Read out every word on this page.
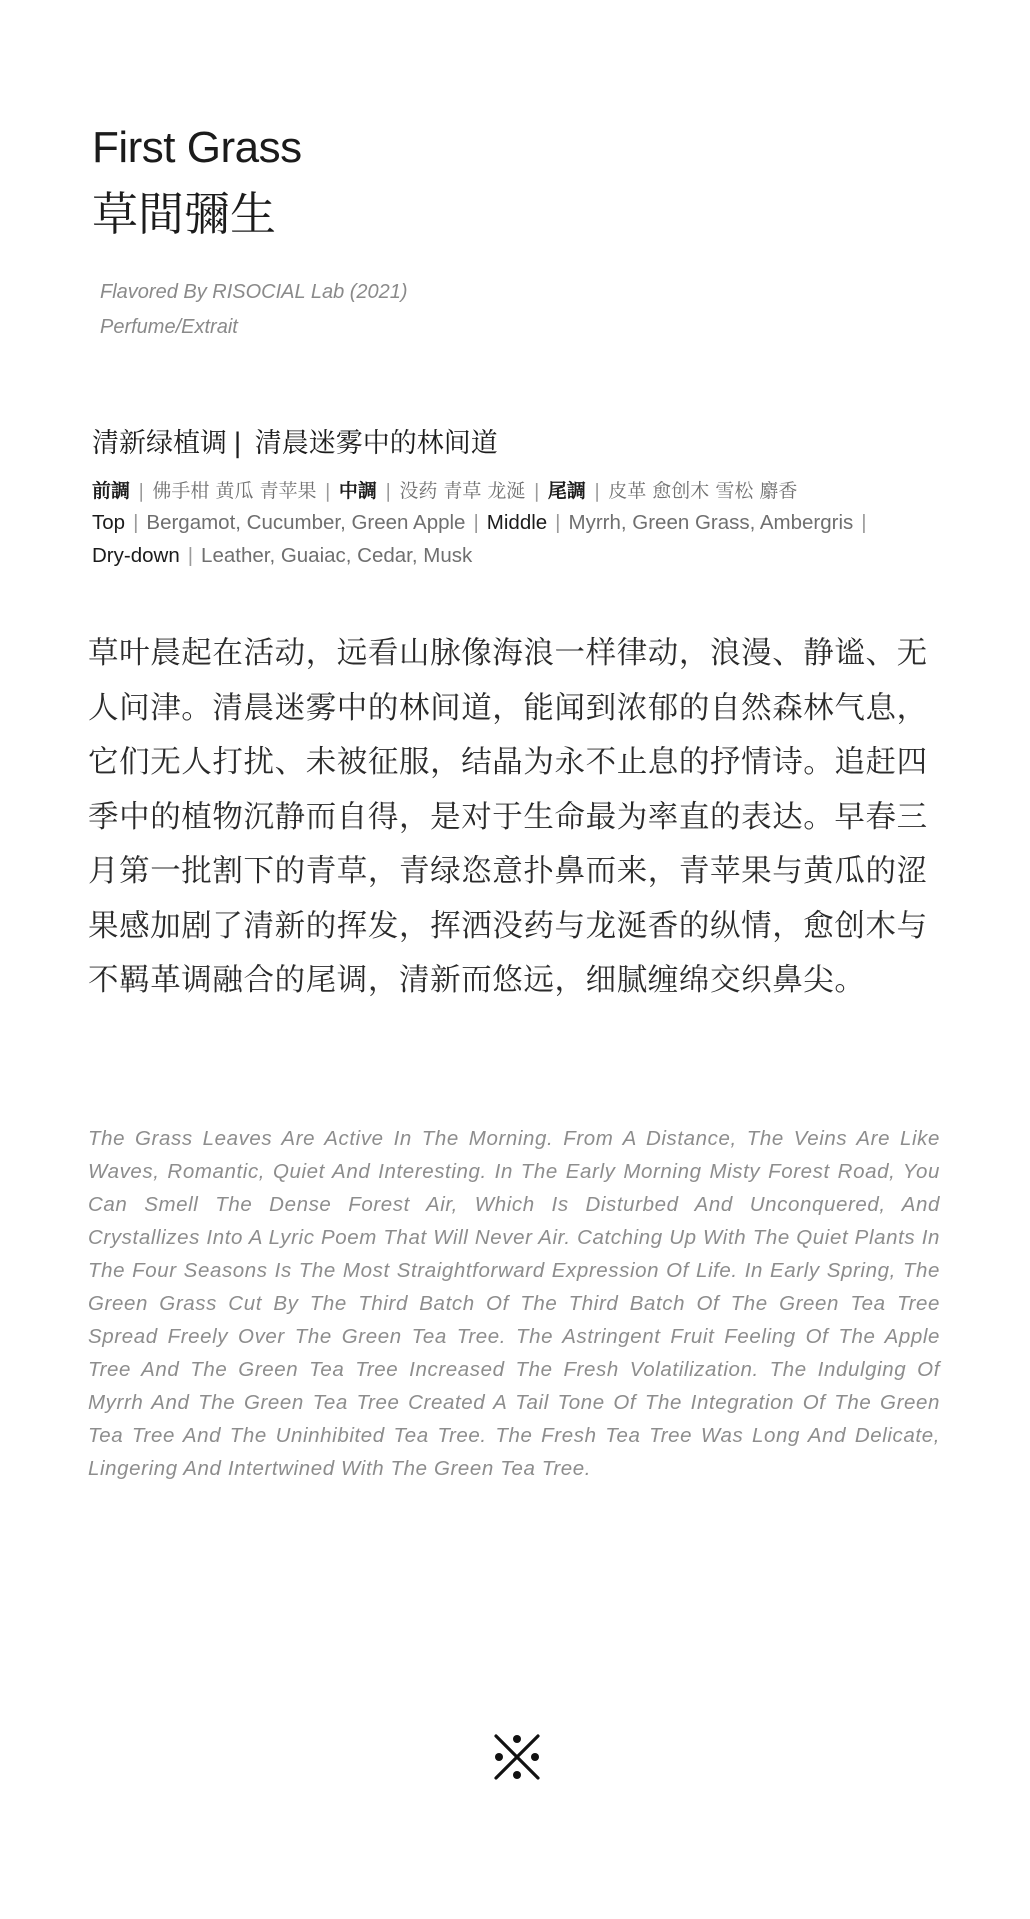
First Grass
草間彌生
Flavored By RISOCIAL Lab (2021)
Perfume/Extrait
清新绿植调 | 清晨迷雾中的林间道
前調 | 佛手柑 黄瓜 青苹果 | 中調 | 没药 青草 龙涎 | 尾調 | 皮革 愈创木 雪松 麝香
Top | Bergamot, Cucumber, Green Apple | Middle | Myrrh, Green Grass, Ambergris |
Dry-down | Leather, Guaiac, Cedar, Musk

草叶晨起在活动，远看山脉像海浪一样律动，浪漫、静谧、无人问津。清晨迷雾中的林间道，能闻到浓郁的自然森林气息，它们无人打扰、未被征服，结晶为永不止息的抒情诗。追赶四季中的植物沉静而自得，是对于生命最为率直的表达。早春三月第一批割下的青草，青绿恣意扑鼻而来，青苹果与黄瓜的涩果感加剧了清新的挥发，挥洒没药与龙涎香的纵情，愈创木与不羁革调融合的尾调，清新而悠远，细腻缠绵交织鼻尖。

The Grass Leaves Are Active In The Morning. From A Distance, The Veins Are Like Waves, Romantic, Quiet And Interesting. In The Early Morning Misty Forest Road, You Can Smell The Dense Forest Air, Which Is Disturbed And Unconquered, And Crystallizes Into A Lyric Poem That Will Never Air. Catching Up With The Quiet Plants In The Four Seasons Is The Most Straightforward Expression Of Life. In Early Spring, The Green Grass Cut By The Third Batch Of The Third Batch Of The Green Tea Tree Spread Freely Over The Green Tea Tree. The Astringent Fruit Feeling Of The Apple Tree And The Green Tea Tree Increased The Fresh Volatilization. The Indulging Of Myrrh And The Green Tea Tree Created A Tail Tone Of The Integration Of The Green Tea Tree And The Uninhibited Tea Tree. The Fresh Tea Tree Was Long And Delicate, Lingering And Intertwined With The Green Tea Tree.
